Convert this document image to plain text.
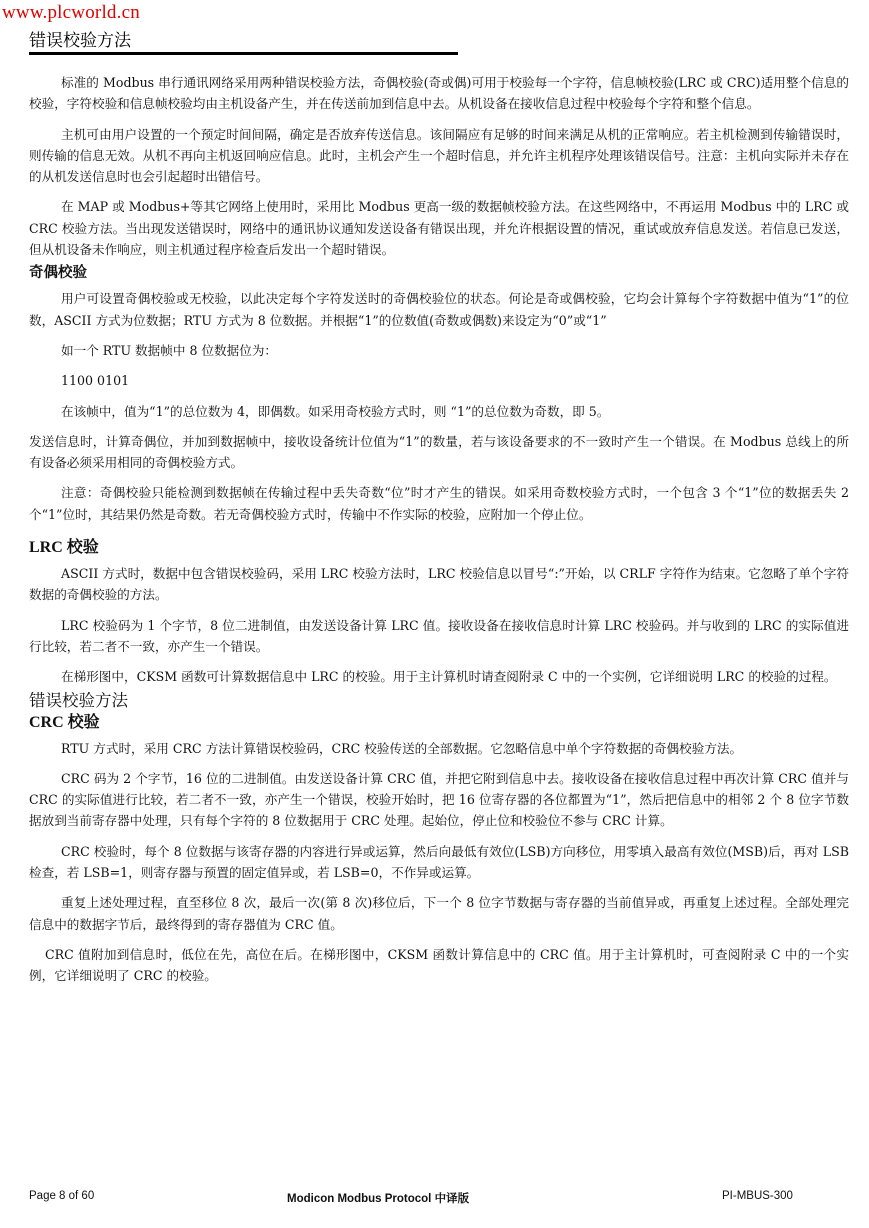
www.plcworld.cn
错误校验方法

标准的 Modbus 串行通讯网络采用两种错误校验方法，奇偶校验(奇或偶)可用于校验每一个字符，信息帧校验(LRC 或 CRC)适用整个信息的校验，字符校验和信息帧校验均由主机设备产生，并在传送前加到信息中去。从机设备在接收信息过程中校验每个字符和整个信息。

主机可由用户设置的一个预定时间间隔，确定是否放弃传送信息。该间隔应有足够的时间来满足从机的正常响应。若主机检测到传输错误时，则传输的信息无效。从机不再向主机返回响应信息。此时，主机会产生一个超时信息，并允许主机程序处理该错误信号。注意：主机向实际并未存在的从机发送信息时也会引起超时出错信号。

在 MAP 或 Modbus+等其它网络上使用时，采用比 Modbus 更高一级的数据帧校验方法。在这些网络中，不再运用 Modbus 中的 LRC 或 CRC 校验方法。当出现发送错误时，网络中的通讯协议通知发送设备有错误出现，并允许根据设置的情况，重试或放弃信息发送。若信息已发送，但从机设备未作响应，则主机通过程序检查后发出一个超时错误。

奇偶校验

用户可设置奇偶校验或无校验，以此决定每个字符发送时的奇偶校验位的状态。何论是奇或偶校验，它均会计算每个字符数据中值为“1”的位数，ASCII 方式为位数据；RTU 方式为 8 位数据。并根据“1”的位数值(奇数或偶数)来设定为“0”或“1”

如一个 RTU 数据帧中 8 位数据位为：

1100 0101

在该帧中，值为“1”的总位数为 4，即偶数。如采用奇校验方式时，则 “1”的总位数为奇数，即 5。

发送信息时，计算奇偶位，并加到数据帧中，接收设备统计位值为“1”的数量，若与该设备要求的不一致时产生一个错误。在 Modbus 总线上的所有设备必须采用相同的奇偶校验方式。

注意：奇偶校验只能检测到数据帧在传输过程中丢失奇数“位”时才产生的错误。如采用奇数校验方式时，一个包含 3 个“1”位的数据丢失 2 个“1”位时，其结果仍然是奇数。若无奇偶校验方式时，传输中不作实际的校验，应附加一个停止位。

LRC 校验

ASCII 方式时，数据中包含错误校验码，采用 LRC 校验方法时，LRC 校验信息以冒号“:”开始，以 CRLF 字符作为结束。它忽略了单个字符数据的奇偶校验的方法。

LRC 校验码为 1 个字节，8 位二进制值，由发送设备计算 LRC 值。接收设备在接收信息时计算 LRC 校验码。并与收到的 LRC 的实际值进行比较，若二者不一致，亦产生一个错误。

在梯形图中，CKSM 函数可计算数据信息中 LRC 的校验。用于主计算机时请查阅附录 C 中的一个实例，它详细说明 LRC 的校验的过程。

错误校验方法
CRC 校验

RTU 方式时，采用 CRC 方法计算错误校验码，CRC 校验传送的全部数据。它忽略信息中单个字符数据的奇偶校验方法。

CRC 码为 2 个字节，16 位的二进制值。由发送设备计算 CRC 值，并把它附到信息中去。接收设备在接收信息过程中再次计算 CRC 值并与 CRC 的实际值进行比较，若二者不一致，亦产生一个错误，校验开始时，把 16 位寄存器的各位都置为“1”，然后把信息中的相邻 2 个 8 位字节数据放到当前寄存器中处理，只有每个字符的 8 位数据用于 CRC 处理。起始位，停止位和校验位不参与 CRC 计算。

CRC 校验时，每个 8 位数据与该寄存器的内容进行异或运算，然后向最低有效位(LSB)方向移位，用零填入最高有效位(MSB)后，再对 LSB 检查，若 LSB=1，则寄存器与预置的固定值异或，若 LSB=0，不作异或运算。

重复上述处理过程，直至移位 8 次，最后一次(第 8 次)移位后，下一个 8 位字节数据与寄存器的当前值异或，再重复上述过程。全部处理完信息中的数据字节后，最终得到的寄存器值为 CRC 值。

CRC 值附加到信息时，低位在先，高位在后。在梯形图中，CKSM 函数计算信息中的 CRC 值。用于主计算机时，可查阅附录 C 中的一个实例，它详细说明了 CRC 的校验。

Page 8 of 60	Modicon Modbus Protocol 中译版	PI-MBUS-300
